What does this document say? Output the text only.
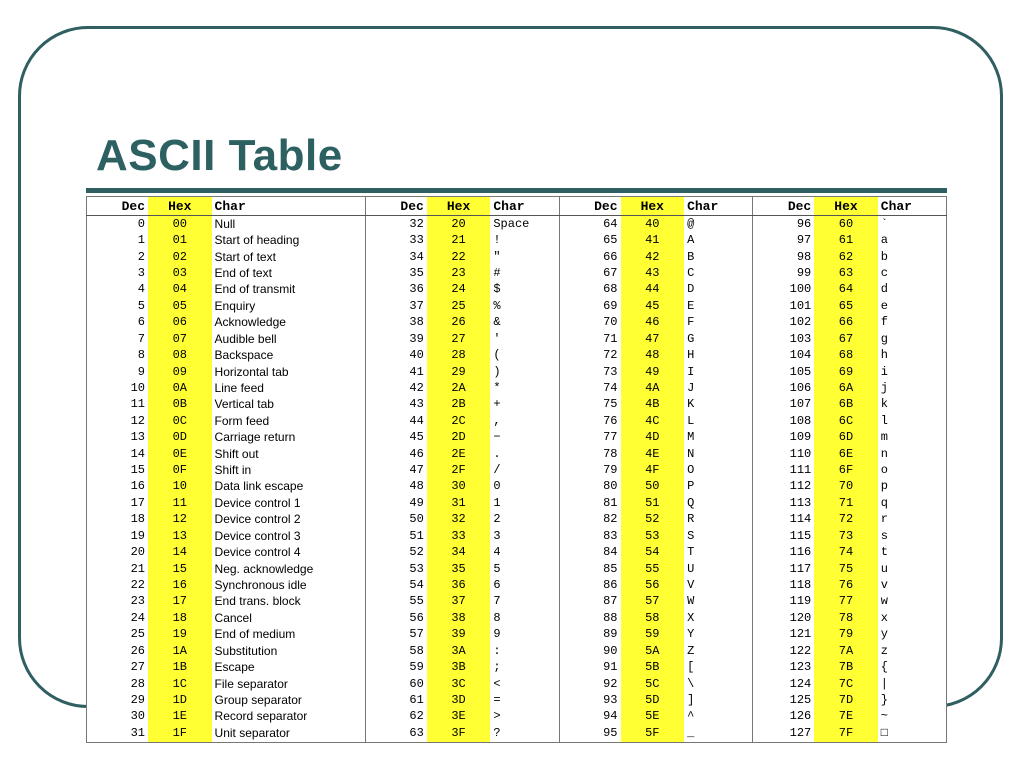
ASCII Table
Dec	Hex	Char	Dec	Hex	Char	Dec	Hex	Char	Dec	Hex	Char
0	00	Null	32	20	Space	64	40	@	96	60	`
1	01	Start of heading	33	21	!	65	41	A	97	61	a
2	02	Start of text	34	22	"	66	42	B	98	62	b
3	03	End of text	35	23	#	67	43	C	99	63	c
4	04	End of transmit	36	24	$	68	44	D	100	64	d
5	05	Enquiry	37	25	%	69	45	E	101	65	e
6	06	Acknowledge	38	26	&	70	46	F	102	66	f
7	07	Audible bell	39	27	'	71	47	G	103	67	g
8	08	Backspace	40	28	(	72	48	H	104	68	h
9	09	Horizontal tab	41	29	)	73	49	I	105	69	i
10	0A	Line feed	42	2A	*	74	4A	J	106	6A	j
11	0B	Vertical tab	43	2B	+	75	4B	K	107	6B	k
12	0C	Form feed	44	2C	,	76	4C	L	108	6C	l
13	0D	Carriage return	45	2D	−	77	4D	M	109	6D	m
14	0E	Shift out	46	2E	.	78	4E	N	110	6E	n
15	0F	Shift in	47	2F	/	79	4F	O	111	6F	o
16	10	Data link escape	48	30	0	80	50	P	112	70	p
17	11	Device control 1	49	31	1	81	51	Q	113	71	q
18	12	Device control 2	50	32	2	82	52	R	114	72	r
19	13	Device control 3	51	33	3	83	53	S	115	73	s
20	14	Device control 4	52	34	4	84	54	T	116	74	t
21	15	Neg. acknowledge	53	35	5	85	55	U	117	75	u
22	16	Synchronous idle	54	36	6	86	56	V	118	76	v
23	17	End trans. block	55	37	7	87	57	W	119	77	w
24	18	Cancel	56	38	8	88	58	X	120	78	x
25	19	End of medium	57	39	9	89	59	Y	121	79	y
26	1A	Substitution	58	3A	:	90	5A	Z	122	7A	z
27	1B	Escape	59	3B	;	91	5B	[	123	7B	{
28	1C	File separator	60	3C	<	92	5C	\	124	7C	|
29	1D	Group separator	61	3D	=	93	5D	]	125	7D	}
30	1E	Record separator	62	3E	>	94	5E	^	126	7E	~
31	1F	Unit separator	63	3F	?	95	5F	_	127	7F	□
